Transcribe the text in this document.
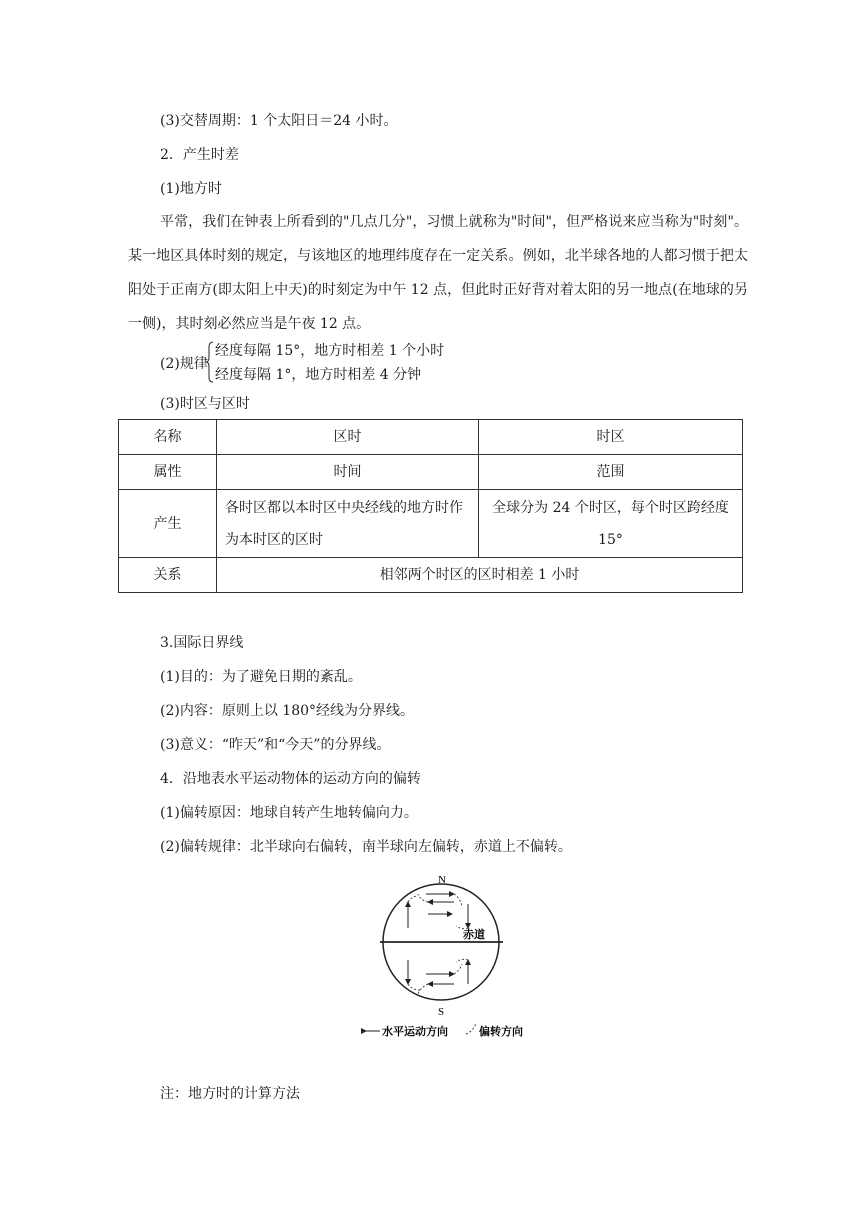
(3)交替周期：1 个太阳日＝24 小时。
2．产生时差
(1)地方时
平常，我们在钟表上所看到的"几点几分"，习惯上就称为"时间"，但严格说来应当称为"时刻"。某一地区具体时刻的规定，与该地区的地理纬度存在一定关系。例如，北半球各地的人都习惯于把太阳处于正南方(即太阳上中天)的时刻定为中午 12 点，但此时正好背对着太阳的另一地点(在地球的另一侧)，其时刻必然应当是午夜 12 点。
(2)规律
经度每隔 15°，地方时相差 1 个小时
经度每隔 1°，地方时相差 4 分钟
(3)时区与区时
名称	区时	时区
属性	时间	范围
产生	各时区都以本时区中央经线的地方时作为本时区的区时	全球分为 24 个时区，每个时区跨经度 15°
关系	相邻两个时区的区时相差 1 小时	
3.国际日界线
(1)目的：为了避免日期的紊乱。
(2)内容：原则上以 180°经线为分界线。
(3)意义：“昨天”和“今天”的分界线。
4．沿地表水平运动物体的运动方向的偏转
(1)偏转原因：地球自转产生地转偏向力。
(2)偏转规律：北半球向右偏转，南半球向左偏转，赤道上不偏转。
N
赤道
S
水平运动方向	偏转方向
注：地方时的计算方法
